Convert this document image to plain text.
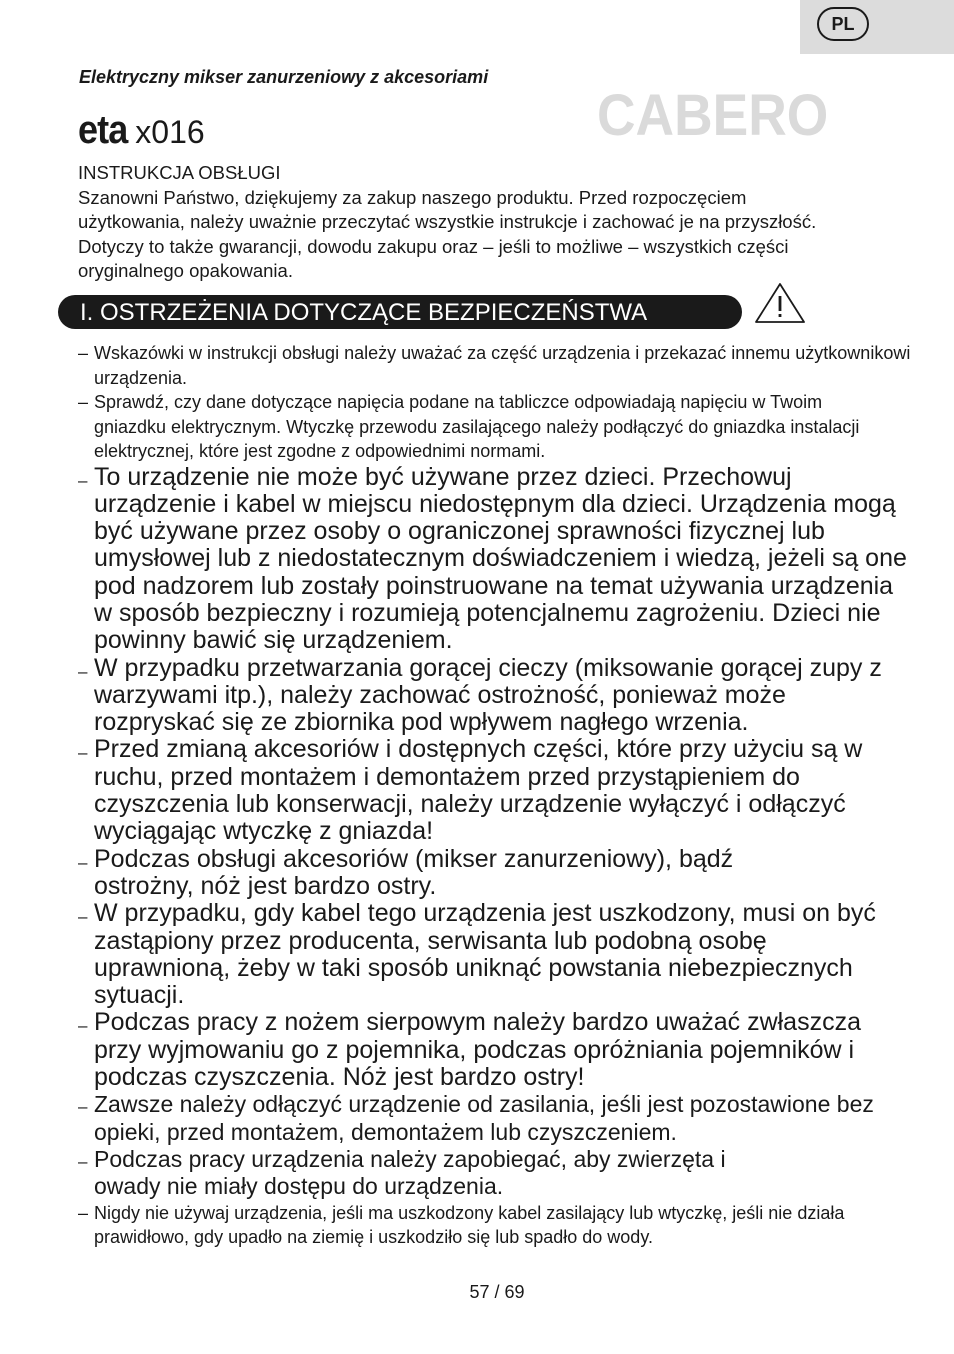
PL
Elektryczny mikser zanurzeniowy z akcesoriami
eta x016	CABERO

INSTRUKCJA OBSŁUGI

Szanowni Państwo, dziękujemy za zakup naszego produktu. Przed rozpoczęciem użytkowania, należy uważnie przeczytać wszystkie instrukcje i zachować je na przyszłość. Dotyczy to także gwarancji, dowodu zakupu oraz – jeśli to możliwe – wszystkich części oryginalnego opakowania.

I. OSTRZEŻENIA DOTYCZĄCE BEZPIECZEŃSTWA
– Wskazówki w instrukcji obsługi należy uważać za część urządzenia i przekazać innemu użytkownikowi urządzenia.
– Sprawdź, czy dane dotyczące napięcia podane na tabliczce odpowiadają napięciu w Twoim gniazdku elektrycznym. Wtyczkę przewodu zasilającego należy podłączyć do gniazdka instalacji elektrycznej, które jest zgodne z odpowiednimi normami.
– To urządzenie nie może być używane przez dzieci. Przechowuj urządzenie i kabel w miejscu niedostępnym dla dzieci. Urządzenia mogą być używane przez osoby o ograniczonej sprawności fizycznej lub umysłowej lub z niedostatecznym doświadczeniem i wiedzą, jeżeli są one pod nadzorem lub zostały poinstruowane na temat używania urządzenia w sposób bezpieczny i rozumieją potencjalnemu zagrożeniu. Dzieci nie powinny bawić się urządzeniem.
– W przypadku przetwarzania gorącej cieczy (miksowanie gorącej zupy z warzywami itp.), należy zachować ostrożność, ponieważ może rozpryskać się ze zbiornika pod wpływem nagłego wrzenia.
– Przed zmianą akcesoriów i dostępnych części, które przy użyciu są w ruchu, przed montażem i demontażem przed przystąpieniem do czyszczenia lub konserwacji, należy urządzenie wyłączyć i odłączyć wyciągając wtyczkę z gniazda!
– Podczas obsługi akcesoriów (mikser zanurzeniowy), bądź ostrożny, nóż jest bardzo ostry.
– W przypadku, gdy kabel tego urządzenia jest uszkodzony, musi on być zastąpiony przez producenta, serwisanta lub podobną osobę uprawnioną, żeby w taki sposób uniknąć powstania niebezpiecznych sytuacji.
– Podczas pracy z nożem sierpowym należy bardzo uważać zwłaszcza przy wyjmowaniu go z pojemnika, podczas opróżniania pojemników i podczas czyszczenia. Nóż jest bardzo ostry!
– Zawsze należy odłączyć urządzenie od zasilania, jeśli jest pozostawione bez opieki, przed montażem, demontażem lub czyszczeniem.
– Podczas pracy urządzenia należy zapobiegać, aby zwierzęta i owady nie miały dostępu do urządzenia.
– Nigdy nie używaj urządzenia, jeśli ma uszkodzony kabel zasilający lub wtyczkę, jeśli nie działa prawidłowo, gdy upadło na ziemię i uszkodziło się lub spadło do wody.
57 / 69
